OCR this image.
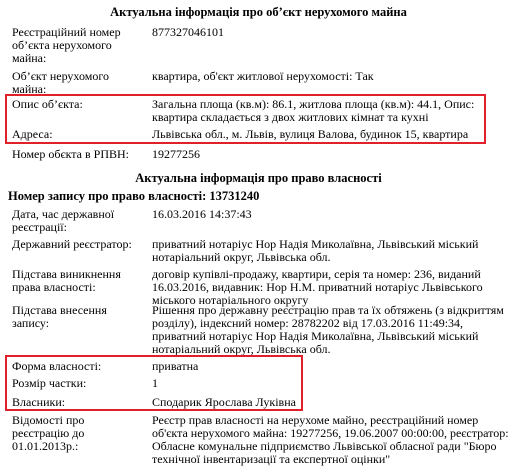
Актуальна інформація про об’єкт нерухомого майна
Реєстраційний номер об’єкта нерухомого майна:
877327046101
Об’єкт нерухомого майна:
квартира, об'єкт житлової нерухомості: Так
Опис об’єкта:	Загальна площа (кв.м): 86.1, житлова площа (кв.м): 44.1, Опис: квартира складається з двох житлових кімнат та кухні
Адреса:	Львівська обл., м. Львів, вулиця Валова, будинок 15, квартира
Номер обєкта в РПВН:	19277256
Актуальна інформація про право власності
Номер запису про право власності: 13731240
Дата, час державної реєстрації:
16.03.2016 14:37:43
Державний реєстратор:	приватний нотаріус Нор Надія Миколаївна, Львівський міський нотаріальний округ, Львівська обл.
Підстава виникнення права власності:
договір купівлі-продажу, квартири, серія та номер: 236, виданий 16.03.2016, видавник: Нор Н.М. приватний нотаріус Львівського міського нотаріального округу
Підстава внесення запису:
Рішення про державну реєстрацію прав та їх обтяжень (з відкриттям розділу), індексний номер: 28782202 від 17.03.2016 11:49:34, приватний нотаріус Нор Надія Миколаївна, Львівський міський нотаріальний округ, Львівська обл.
Форма власності:	приватна
Розмір частки:	1
Власники:	Сподарик Ярослава Луківна
Відомості про реєстрацію до 01.01.2013р.:
Реєстр прав власності на нерухоме майно, реєстраційний номер об'єкта нерухомого майна: 19277256, 19.06.2007 00:00:00, реєстратор: Обласне комунальне підприємство Львівської обласної ради "Бюро технічної інвентаризації та експертної оцінки"
